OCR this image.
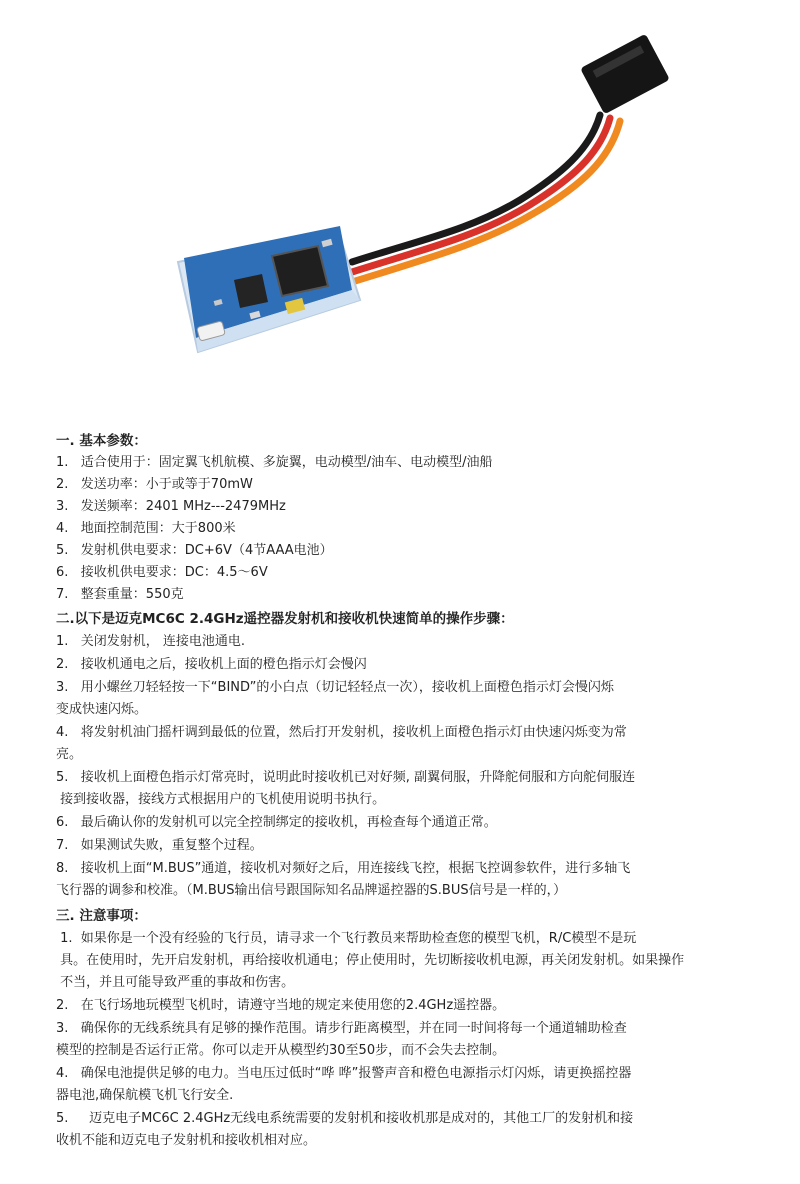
一. 基本参数：

1.   适合使用于：固定翼飞机航模、多旋翼，电动模型/油车、电动模型/油船

2.   发送功率：小于或等于70mW

3.   发送频率：2401 MHz---2479MHz

4.   地面控制范围：大于800米

5.   发射机供电要求：DC+6V（4节AAA电池）

6.   接收机供电要求：DC：4.5～6V

7.   整套重量：550克

二.以下是迈克MC6C 2.4GHz遥控器发射机和接收机快速简单的操作步骤：

1.   关闭发射机， 连接电池通电.

2.   接收机通电之后，接收机上面的橙色指示灯会慢闪

3.   用小螺丝刀轻轻按一下“BIND”的小白点（切记轻轻点一次），接收机上面橙色指示灯会慢闪烁

变成快速闪烁。

4.   将发射机油门摇杆调到最低的位置，然后打开发射机，接收机上面橙色指示灯由快速闪烁变为常

亮。

5.   接收机上面橙色指示灯常亮时，说明此时接收机已对好频, 副翼伺服，升降舵伺服和方向舵伺服连

接到接收器，接线方式根据用户的飞机使用说明书执行。

6.   最后确认你的发射机可以完全控制绑定的接收机，再检查每个通道正常。

7.   如果测试失败，重复整个过程。

8.   接收机上面“M.BUS”通道，接收机对频好之后，用连接线飞控，根据飞控调参软件，进行多轴飞

飞行器的调参和校准。（M.BUS输出信号跟国际知名品牌遥控器的S.BUS信号是一样的，）

三. 注意事项：

1.  如果你是一个没有经验的飞行员，请寻求一个飞行教员来帮助检查您的模型飞机，R/C模型不是玩

具。在使用时，先开启发射机，再给接收机通电；停止使用时，先切断接收机电源，再关闭发射机。如果操作

不当，并且可能导致严重的事故和伤害。

2.   在飞行场地玩模型飞机时，请遵守当地的规定来使用您的2.4GHz遥控器。

3.   确保你的无线系统具有足够的操作范围。请步行距离模型，并在同一时间将每一个通道辅助检查

模型的控制是否运行正常。你可以走开从模型约30至50步，而不会失去控制。

4.   确保电池提供足够的电力。当电压过低时“哗 哗”报警声音和橙色电源指示灯闪烁，请更换摇控器

器电池,确保航模飞机飞行安全.

5.     迈克电子MC6C 2.4GHz无线电系统需要的发射机和接收机那是成对的，其他工厂的发射机和接

收机不能和迈克电子发射机和接收机相对应。
